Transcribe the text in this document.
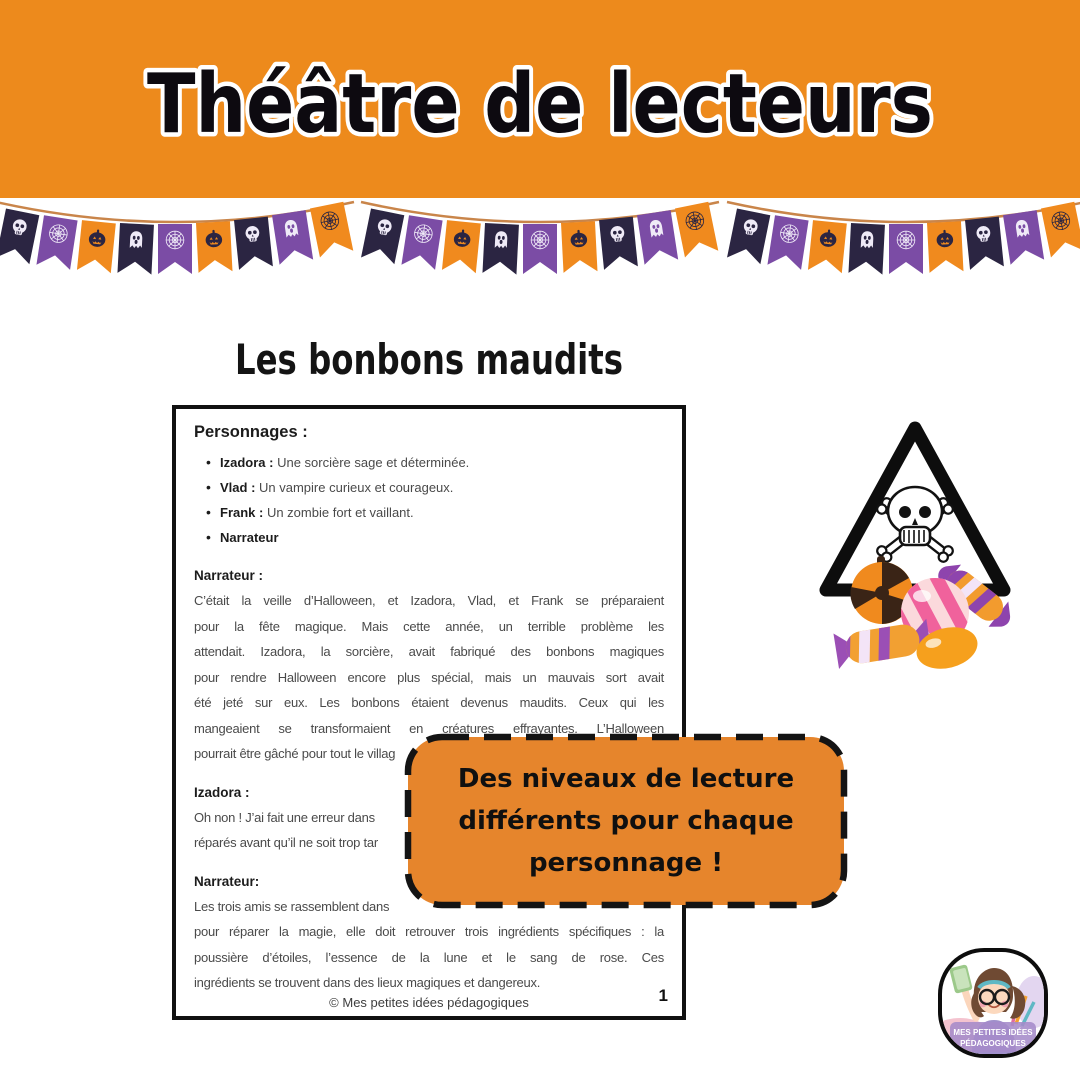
Théâtre de lecteurs
Les bonbons maudits
Personnages :
• Izadora : Une sorcière sage et déterminée.
• Vlad : Un vampire curieux et courageux.
• Frank : Un zombie fort et vaillant.
• Narrateur
Narrateur :
C’était la veille d’Halloween, et Izadora, Vlad, et Frank se préparaient
pour la fête magique. Mais cette année, un terrible problème les
attendait. Izadora, la sorcière, avait fabriqué des bonbons magiques
pour rendre Halloween encore plus spécial, mais un mauvais sort avait
été jeté sur eux. Les bonbons étaient devenus maudits. Ceux qui les
mangeaient se transformaient en créatures effrayantes. L’Halloween
pourrait être gâché pour tout le villag
Izadora :
Oh non ! J’ai fait une erreur dans
réparés avant qu’il ne soit trop tar
Narrateur:
Les trois amis se rassemblent dans
pour réparer la magie, elle doit retrouver trois ingrédients spécifiques : la
poussière d’étoiles, l’essence de la lune et le sang de rose. Ces
ingrédients se trouvent dans des lieux magiques et dangereux.
© Mes petites idées pédagogiques	1
Des niveaux de lecture
différents pour chaque
personnage !
MES PETITES IDÉES
PÉDAGOGIQUES
